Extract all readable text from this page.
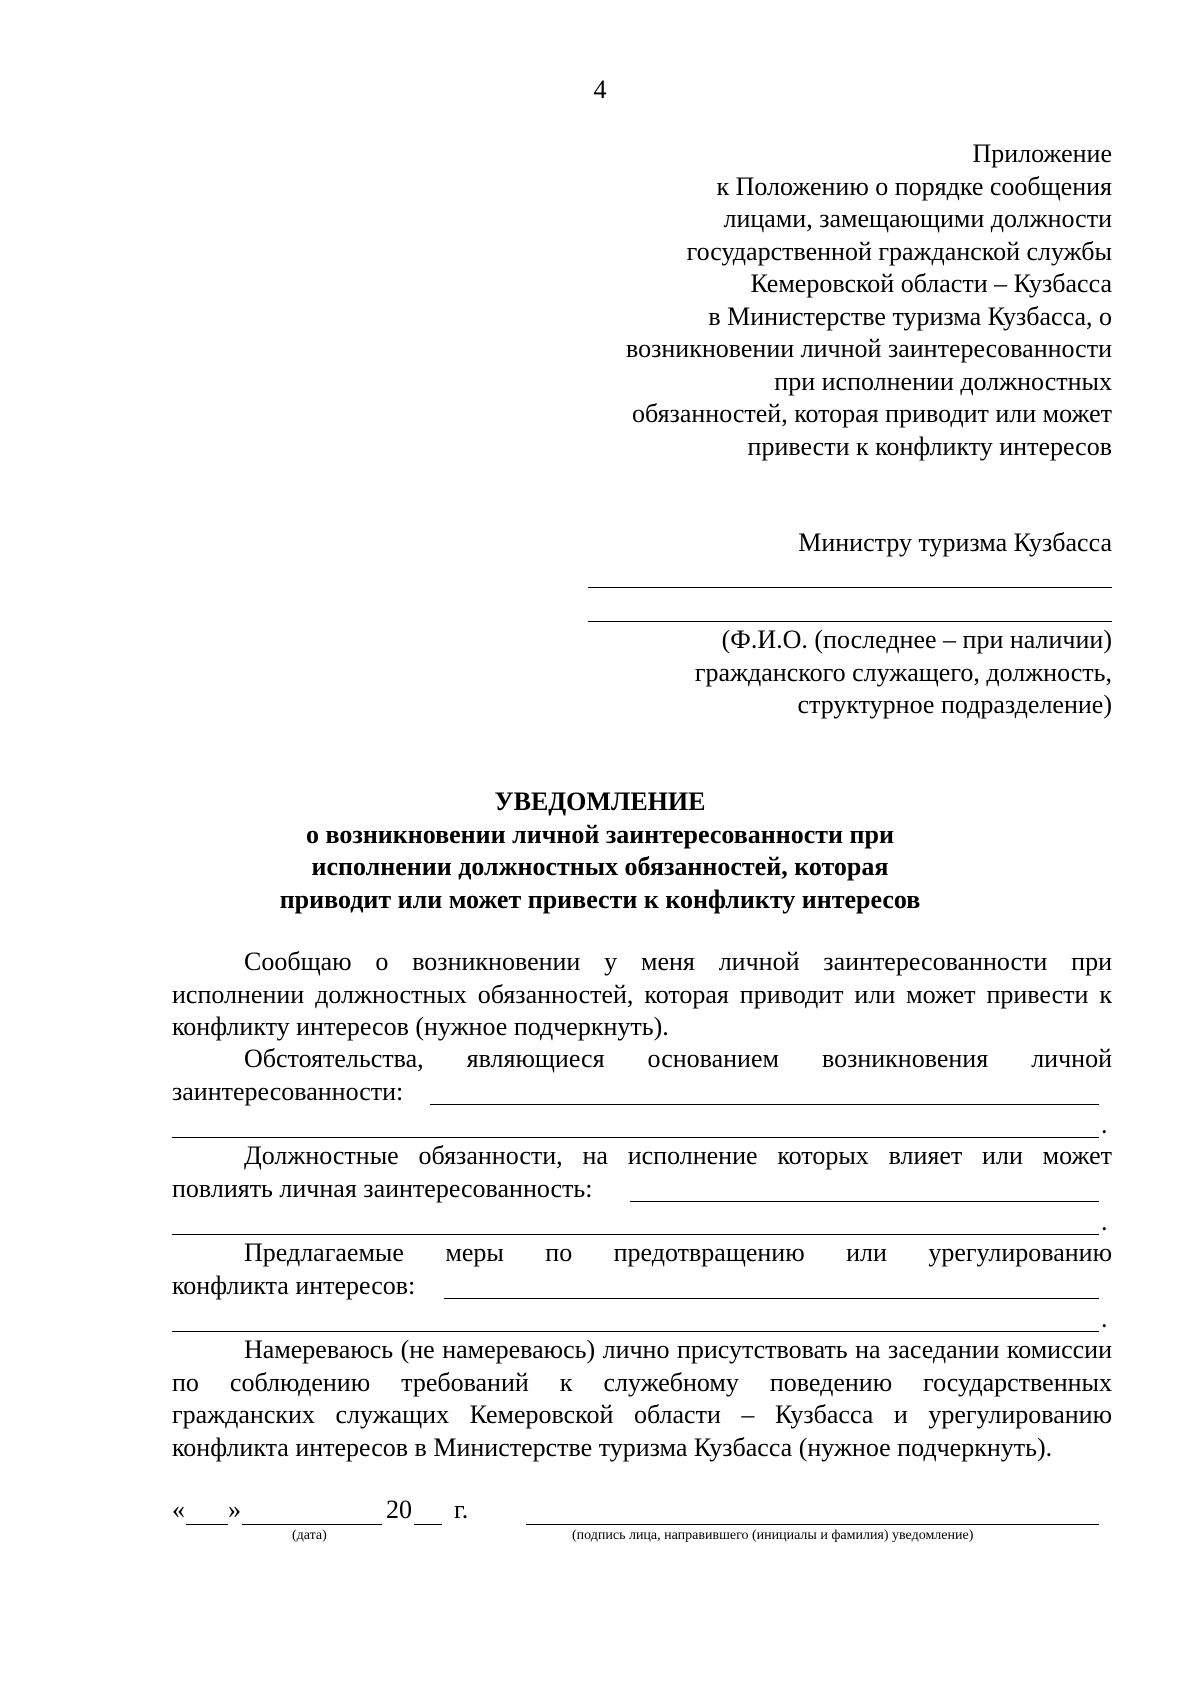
4
Приложение
к Положению о порядке сообщения
лицами, замещающими должности
государственной гражданской службы
Кемеровской области – Кузбасса
в Министерстве туризма Кузбасса, о
возникновении личной заинтересованности
при исполнении должностных
обязанностей, которая приводит или может
привести к конфликту интересов
Министру туризма Кузбасса
(Ф.И.О. (последнее – при наличии)
гражданского служащего, должность,
структурное подразделение)
УВЕДОМЛЕНИЕ
о возникновении личной заинтересованности при
исполнении должностных обязанностей, которая
приводит или может привести к конфликту интересов
Сообщаю о возникновении у меня личной заинтересованности при исполнении должностных обязанностей, которая приводит или может привести к конфликту интересов (нужное подчеркнуть).
Обстоятельства, являющиеся основанием возникновения личной
заинтересованности:
.
Должностные обязанности, на исполнение которых влияет или может
повлиять личная заинтересованность:
.
Предлагаемые меры по предотвращению или урегулированию
конфликта интересов:
.
Намереваюсь (не намереваюсь) лично присутствовать на заседании комиссии по соблюдению требований к служебному поведению государственных гражданских служащих Кемеровской области – Кузбасса и урегулированию конфликта интересов в Министерстве туризма Кузбасса (нужное подчеркнуть).
« »	20 г.
(дата)	(подпись лица, направившего (инициалы и фамилия) уведомление)
